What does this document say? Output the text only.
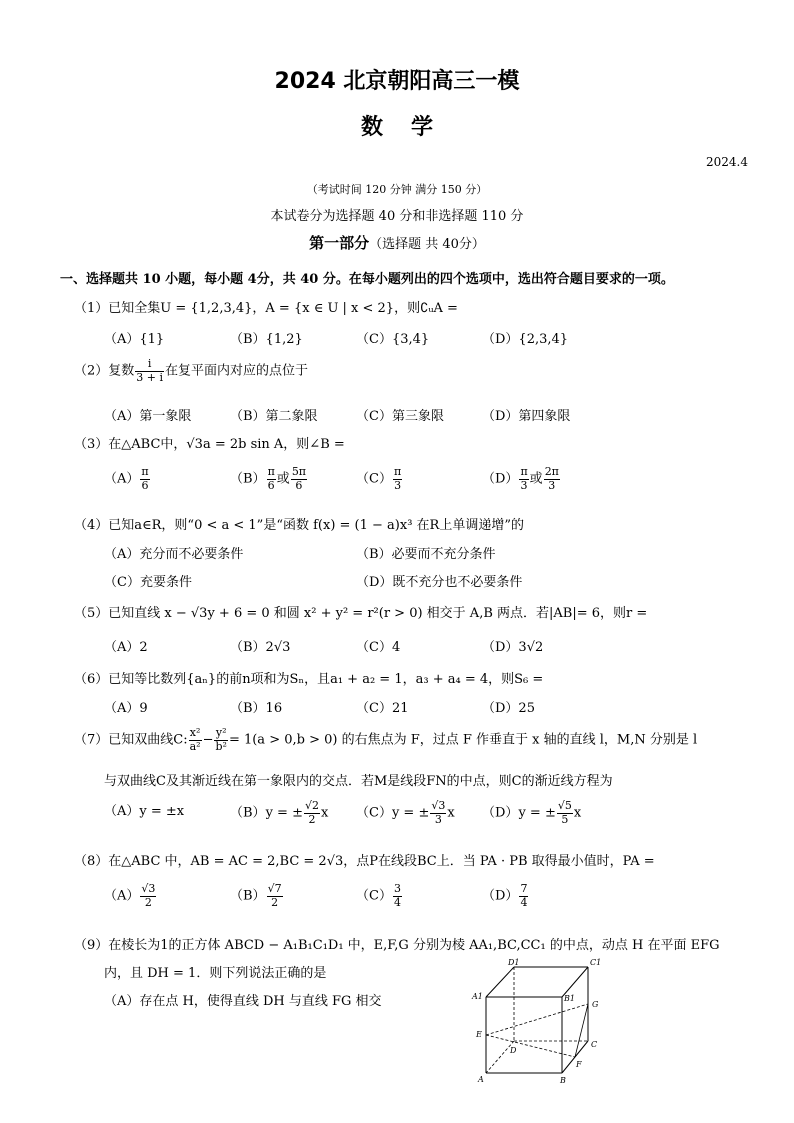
2024 北京朝阳高三一模
数学
2024.4
（考试时间 120 分钟 满分 150 分）
本试卷分为选择题 40 分和非选择题 110 分
第一部分（选择题 共 40分）
一、选择题共 10 小题，每小题 4分，共 40 分。在每小题列出的四个选项中，选出符合题目要求的一项。
（1）已知全集U = {1,2,3,4}，A = {x ∈ U | x < 2}，则∁ᵤA =
（A）{1}	（B）{1,2}	（C）{3,4}	（D）{2,3,4}
（2）复数 $\frac{i}{3 + i}$ 在复平面内对应的点位于
（A）第一象限	（B）第二象限	（C）第三象限	（D）第四象限
（3）在△ABC中，√3a = 2b sin A，则∠B =
$(A) \frac{\pi}{6}$	$(B) \frac{\pi}{6}$ 或 $\frac{5\pi}{6}$	$(C) \frac{\pi}{3}$	$(D) \frac{\pi}{3}$ 或 $\frac{2\pi}{3}$
（4）已知a∈R，则“0 < a < 1”是“函数 f(x) = (1 − a)x³ 在R上单调递增”的
（A）充分而不必要条件	（B）必要而不充分条件
（C）充要条件	（D）既不充分也不必要条件
（5）已知直线 x − √3y + 6 = 0 和圆 x² + y² = r²(r > 0) 相交于 A,B 两点．若|AB|= 6，则r =
（A）2	（B）2√3	（C）4	（D）3√2
（6）已知等比数列{aₙ}的前n项和为Sₙ，且a₁ + a₂ = 1，a₃ + a₄ = 4，则S₆ =
（A）9	（B）16	（C）21	（D）25
（7）已知双曲线C: $\frac{\text{x²}}{\text{a²}} - \frac{\text{y²}}{\text{b²}} = 1(a > 0,b > 0)$ 的右焦点为 F，过点 F 作垂直于 x 轴的直线 l，M,N 分别是 l
与双曲线C及其渐近线在第一象限内的交点．若M是线段FN的中点，则C的渐近线方程为
（A）y = ±x	（B）y = ± $\frac{√2}{2}$ x （C）y = ± $\frac{√3}{3}$ x （D）y = ± $\frac{√5}{5}$ x
（8）在△ABC 中，AB = AC = 2,BC = 2√3，点P在线段BC上．当 PA · PB 取得最小值时，PA =
$(A) \frac{√3}{2}$	$(B) \frac{√7}{2}$	$(C) \frac{3}{4}$	$(D) \frac{7}{4}$
（9）在棱长为1的正方体 ABCD − A₁B₁C₁D₁ 中，E,F,G 分别为棱 AA₁,BC,CC₁ 的中点，动点 H 在平面 EFG
内，且 DH = 1．则下列说法正确的是
（A）存在点 H，使得直线 DH 与直线 FG 相交
D1	C1
A1	B1
G
E
D
C
A	B
F
